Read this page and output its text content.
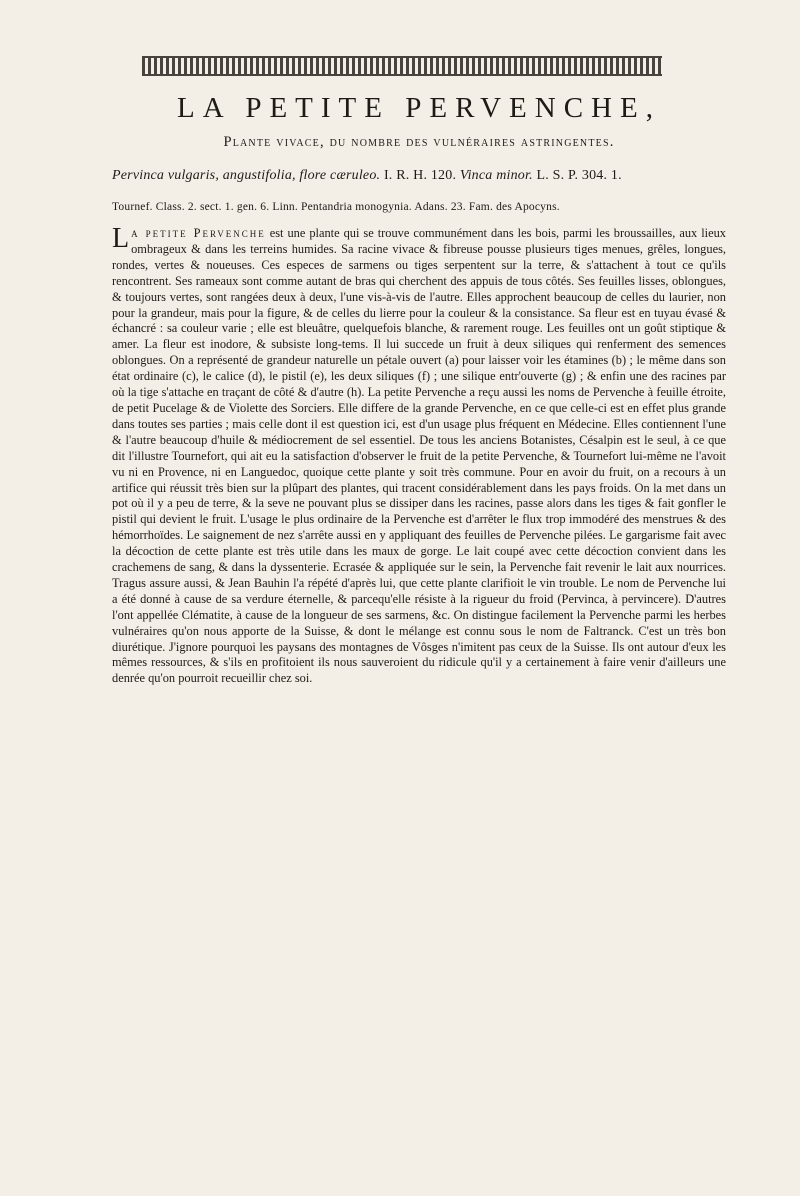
LA PETITE PERVENCHE,
Plante vivace, du nombre des vulnéraires astringentes.
Pervinca vulgaris, angustifolia, flore cæruleo. I. R. H. 120. Vinca minor. L. S. P. 304. 1.
Tournef. Class. 2. sect. 1. gen. 6. Linn. Pentandria monogynia. Adans. 23. Fam. des Apocyns.

La petite Pervenche est une plante qui se trouve communément dans les bois, parmi les broussailles, aux lieux ombrageux & dans les terreins humides. Sa racine vivace & fibreuse pousse plusieurs tiges menues, grêles, longues, rondes, vertes & noueuses. Ces especes de sarmens ou tiges serpentent sur la terre, & s'attachent à tout ce qu'ils rencontrent. Ses rameaux sont comme autant de bras qui cherchent des appuis de tous côtés. Ses feuilles lisses, oblongues, & toujours vertes, sont rangées deux à deux, l'une vis-à-vis de l'autre. Elles approchent beaucoup de celles du laurier, non pour la grandeur, mais pour la figure, & de celles du lierre pour la couleur & la consistance. Sa fleur est en tuyau évasé & échancré : sa couleur varie ; elle est bleuâtre, quelquefois blanche, & rarement rouge. Les feuilles ont un goût stiptique & amer. La fleur est inodore, & subsiste long-tems. Il lui succede un fruit à deux siliques qui renferment des semences oblongues. On a représenté de grandeur naturelle un pétale ouvert (a) pour laisser voir les étamines (b) ; le même dans son état ordinaire (c), le calice (d), le pistil (e), les deux siliques (f) ; une silique entr'ouverte (g) ; & enfin une des racines par où la tige s'attache en traçant de côté & d'autre (h). La petite Pervenche a reçu aussi les noms de Pervenche à feuille étroite, de petit Pucelage & de Violette des Sorciers. Elle differe de la grande Pervenche, en ce que celle-ci est en effet plus grande dans toutes ses parties ; mais celle dont il est question ici, est d'un usage plus fréquent en Médecine. Elles contiennent l'une & l'autre beaucoup d'huile & médiocrement de sel essentiel. De tous les anciens Botanistes, Césalpin est le seul, à ce que dit l'illustre Tournefort, qui ait eu la satisfaction d'observer le fruit de la petite Pervenche, & Tournefort lui-même ne l'avoit vu ni en Provence, ni en Languedoc, quoique cette plante y soit très commune. Pour en avoir du fruit, on a recours à un artifice qui réussit très bien sur la plûpart des plantes, qui tracent considérablement dans les pays froids. On la met dans un pot où il y a peu de terre, & la seve ne pouvant plus se dissiper dans les racines, passe alors dans les tiges & fait gonfler le pistil qui devient le fruit. L'usage le plus ordinaire de la Pervenche est d'arrêter le flux trop immodéré des menstrues & des hémorrhoïdes. Le saignement de nez s'arrête aussi en y appliquant des feuilles de Pervenche pilées. Le gargarisme fait avec la décoction de cette plante est très utile dans les maux de gorge. Le lait coupé avec cette décoction convient dans les crachemens de sang, & dans la dyssenterie. Ecrasée & appliquée sur le sein, la Pervenche fait revenir le lait aux nourrices. Tragus assure aussi, & Jean Bauhin l'a répété d'après lui, que cette plante clarifioit le vin trouble. Le nom de Pervenche lui a été donné à cause de sa verdure éternelle, & parcequ'elle résiste à la rigueur du froid (Pervinca, à pervincere). D'autres l'ont appellée Clématite, à cause de la longueur de ses sarmens, &c. On distingue facilement la Pervenche parmi les herbes vulnéraires qu'on nous apporte de la Suisse, & dont le mélange est connu sous le nom de Faltranck. C'est un très bon diurétique. J'ignore pourquoi les paysans des montagnes de Vôsges n'imitent pas ceux de la Suisse. Ils ont autour d'eux les mêmes ressources, & s'ils en profitoient ils nous sauveroient du ridicule qu'il y a certainement à faire venir d'ailleurs une denrée qu'on pourroit recueillir chez soi.
